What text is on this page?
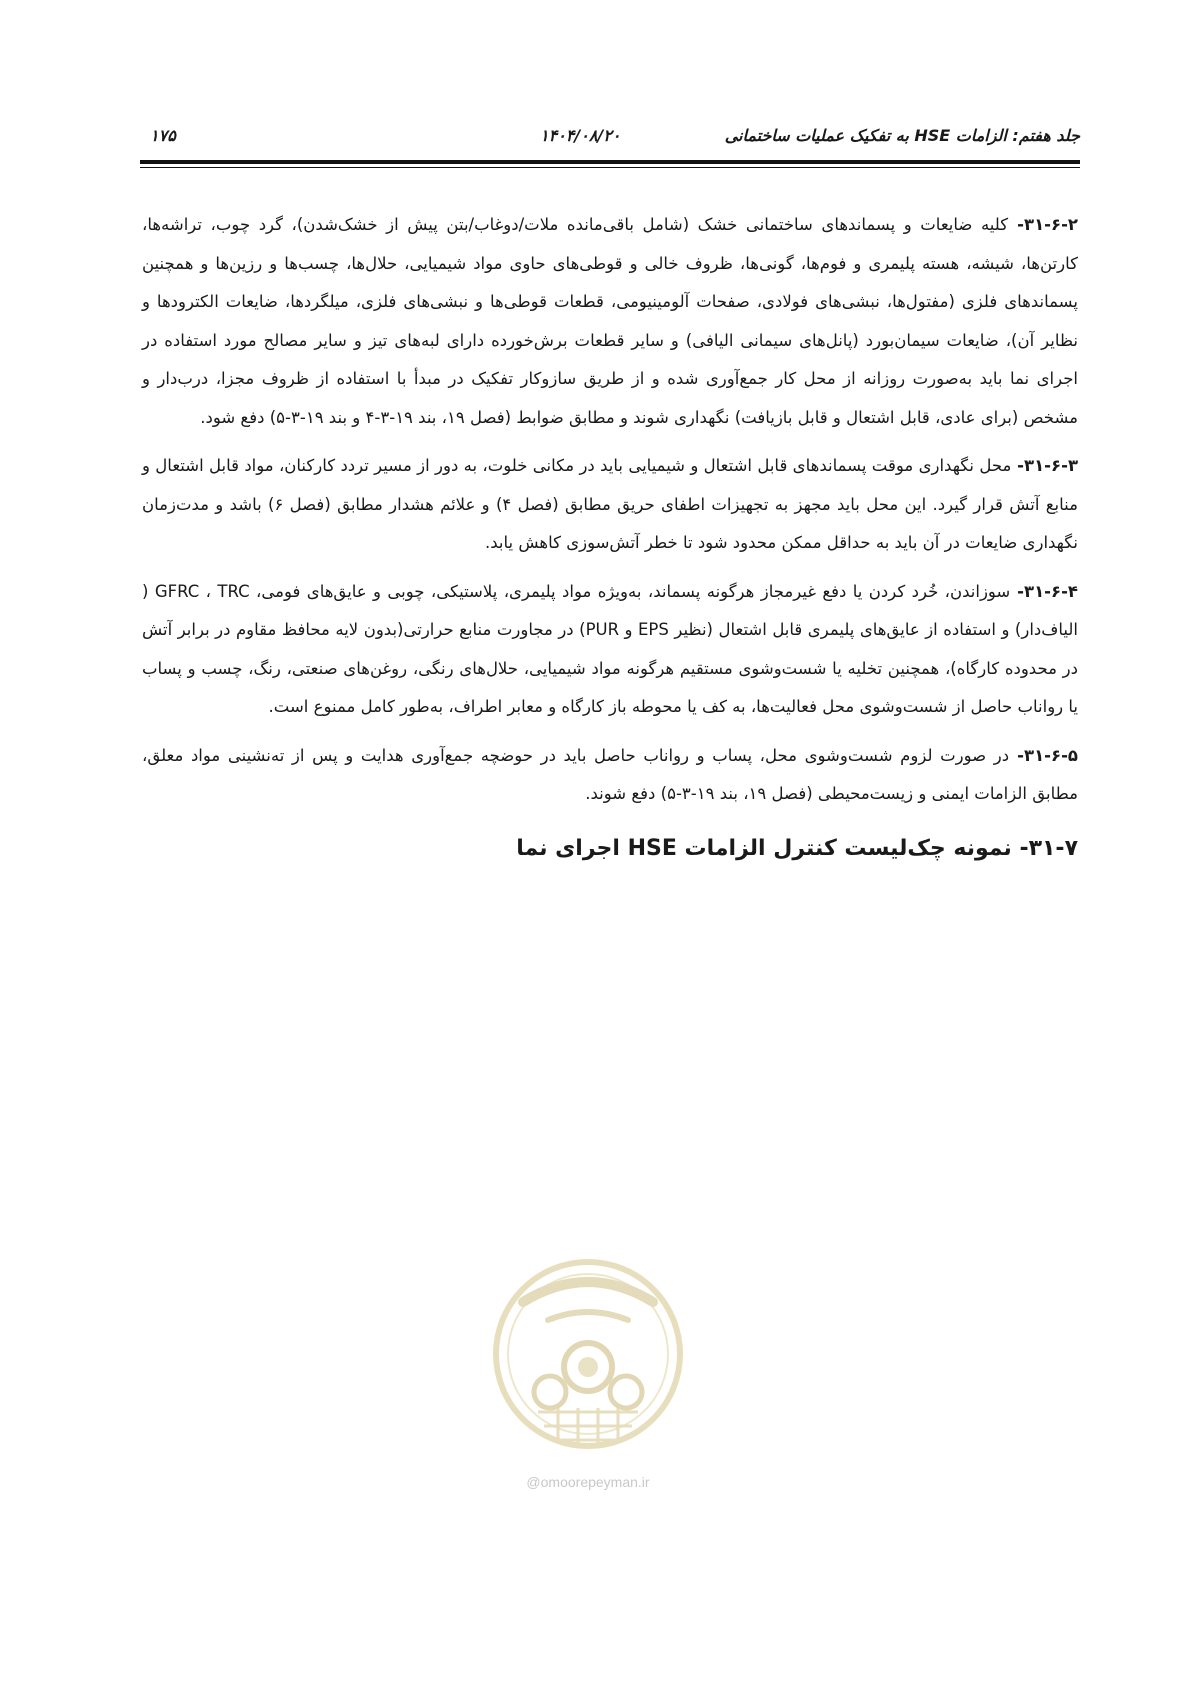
جلد هفتم: الزامات HSE به تفکیک عملیات ساختمانی
۱۴۰۴/۰۸/۲۰
۱۷۵

۳۱-۶-۲- کلیه ضایعات و پسماندهای ساختمانی خشک (شامل باقی‌مانده ملات/دوغاب/بتن پیش از خشک‌شدن)، گرد چوب، تراشه‌ها، کارتن‌ها، شیشه، هسته پلیمری و فوم‌ها، گونی‌ها، ظروف خالی و قوطی‌های حاوی مواد شیمیایی، حلال‌ها، چسب‌ها و رزین‌ها و همچنین پسماندهای فلزی (مفتول‌ها، نبشی‌های فولادی، صفحات آلومینیومی، قطعات قوطی‌ها و نبشی‌های فلزی، میلگردها، ضایعات الکترودها و نظایر آن)، ضایعات سیمان‌بورد (پانل‌های سیمانی الیافی) و سایر قطعات برش‌خورده دارای لبه‌های تیز و سایر مصالح مورد استفاده در اجرای نما باید به‌صورت روزانه از محل کار جمع‌آوری شده و از طریق سازوکار تفکیک در مبدأ با استفاده از ظروف مجزا، درب‌دار و مشخص (برای عادی، قابل اشتعال و قابل بازیافت) نگهداری شوند و مطابق ضوابط (فصل ۱۹، بند ۱۹-۳-۴ و بند ۱۹-۳-۵) دفع شود.

۳۱-۶-۳- محل نگهداری موقت پسماندهای قابل اشتعال و شیمیایی باید در مکانی خلوت، به دور از مسیر تردد کارکنان، مواد قابل اشتعال و منابع آتش قرار گیرد. این محل باید مجهز به تجهیزات اطفای حریق مطابق (فصل ۴) و علائم هشدار مطابق (فصل ۶) باشد و مدت‌زمان نگهداری ضایعات در آن باید به حداقل ممکن محدود شود تا خطر آتش‌سوزی کاهش یابد.

۳۱-۶-۴- سوزاندن، خُرد کردن یا دفع غیرمجاز هرگونه پسماند، به‌ویژه مواد پلیمری، پلاستیکی، چوبی و عایق‌های فومی، GFRC ، TRC ( الیاف‌دار) و استفاده از عایق‌های پلیمری قابل اشتعال (نظیر EPS و PUR) در مجاورت منابع حرارتی(بدون لایه محافظ مقاوم در برابر آتش در محدوده کارگاه)، همچنین تخلیه یا شست‌وشوی مستقیم هرگونه مواد شیمیایی، حلال‌های رنگی، روغن‌های صنعتی، رنگ، چسب و پساب یا رواناب حاصل از شست‌وشوی محل فعالیت‌ها، به کف یا محوطه باز کارگاه و معابر اطراف، به‌طور کامل ممنوع است.

۳۱-۶-۵- در صورت لزوم شست‌وشوی محل، پساب و رواناب حاصل باید در حوضچه جمع‌آوری هدایت و پس از ته‌نشینی مواد معلق، مطابق الزامات ایمنی و زیست‌محیطی (فصل ۱۹، بند ۱۹-۳-۵) دفع شوند.

۳۱-۷- نمونه چک‌لیست کنترل الزامات HSE اجرای نما
@omoorepeyman.ir
